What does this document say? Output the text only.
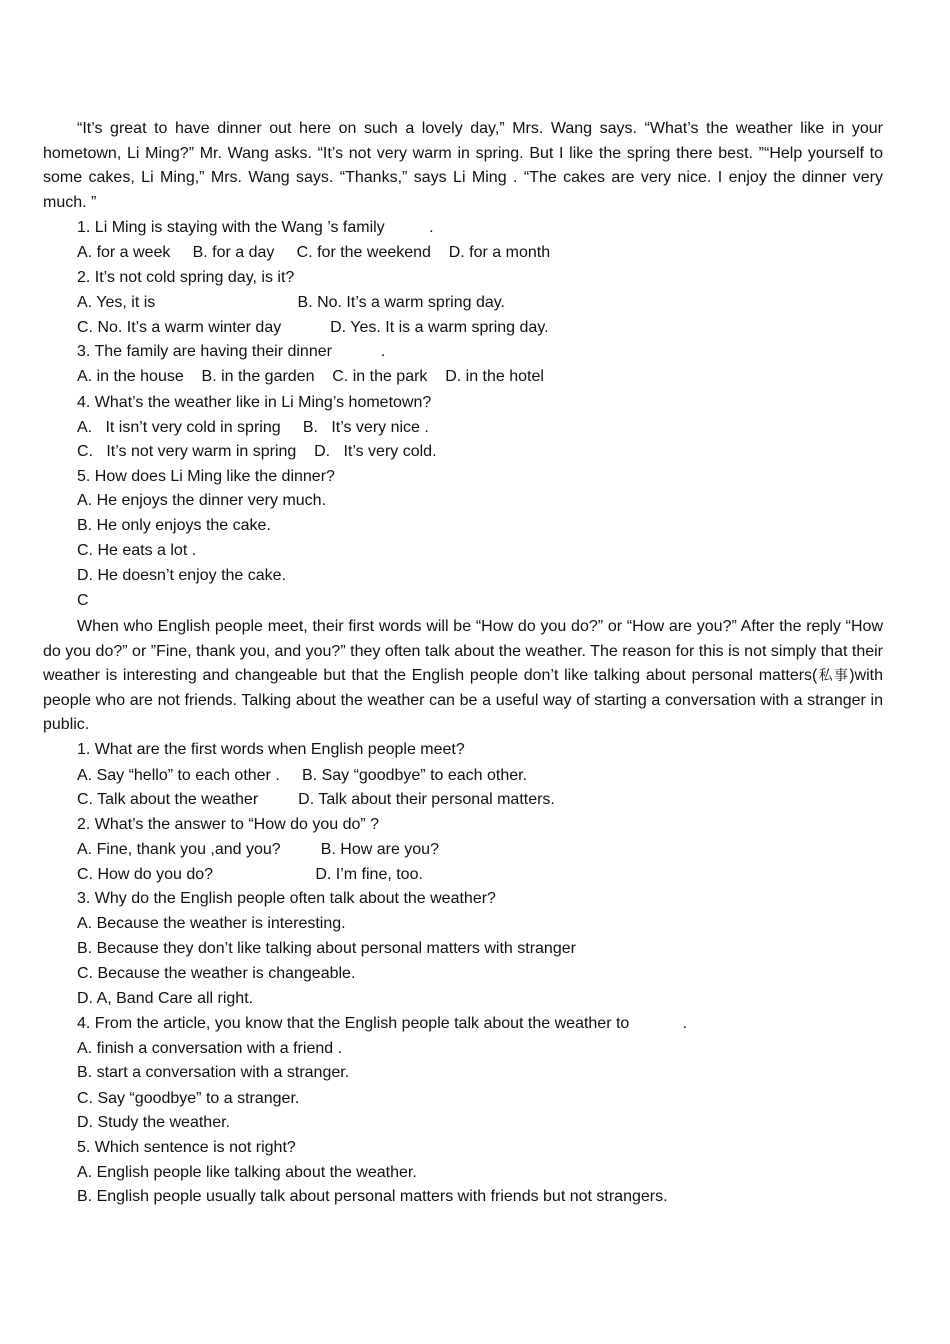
“It’s great to have dinner out here on such a lovely day,” Mrs. Wang says. “What’s the weather like in your hometown, Li Ming?” Mr. Wang asks. “It’s not very warm in spring. But I like the spring there best. ”“Help yourself to some cakes, Li Ming,” Mrs. Wang says. “Thanks,” says Li Ming . “The cakes are very nice. I enjoy the dinner very much. ”

1. Li Ming is staying with the Wang ’s family          .

A. for a week     B. for a day     C. for the weekend    D. for a month

2. It’s not cold spring day, is it?

A. Yes, it is                                B. No. It’s a warm spring day.

C. No. It’s a warm winter day           D. Yes. It is a warm spring day.

3. The family are having their dinner           .

A. in the house    B. in the garden    C. in the park    D. in the hotel

4. What’s the weather like in Li Ming’s hometown?

A.   It isn’t very cold in spring     B.   It’s very nice .

C.   It’s not very warm in spring    D.   It’s very cold.

5. How does Li Ming like the dinner?

A. He enjoys the dinner very much.

B. He only enjoys the cake.

C. He eats a lot .

D. He doesn’t enjoy the cake.

C

When who English people meet, their first words will be “How do you do?” or “How are you?” After the reply “How do you do?” or ”Fine, thank you, and you?” they often talk about the weather. The reason for this is not simply that their weather is interesting and changeable but that the English people don’t like talking about personal matters(私事)with people who are not friends. Talking about the weather can be a useful way of starting a conversation with a stranger in public.

1. What are the first words when English people meet?

A. Say “hello” to each other .     B. Say “goodbye” to each other.

C. Talk about the weather         D. Talk about their personal matters.

2. What’s the answer to “How do you do” ?

A. Fine, thank you ,and you?         B. How are you?

C. How do you do?                       D. I’m fine, too.

3. Why do the English people often talk about the weather?

A. Because the weather is interesting.

B. Because they don’t like talking about personal matters with stranger

C. Because the weather is changeable.

D. A, Band Care all right.

4. From the article, you know that the English people talk about the weather to            .

A. finish a conversation with a friend .

B. start a conversation with a stranger.

C. Say “goodbye” to a stranger.

D. Study the weather.

5. Which sentence is not right?

A. English people like talking about the weather.

B. English people usually talk about personal matters with friends but not strangers.
